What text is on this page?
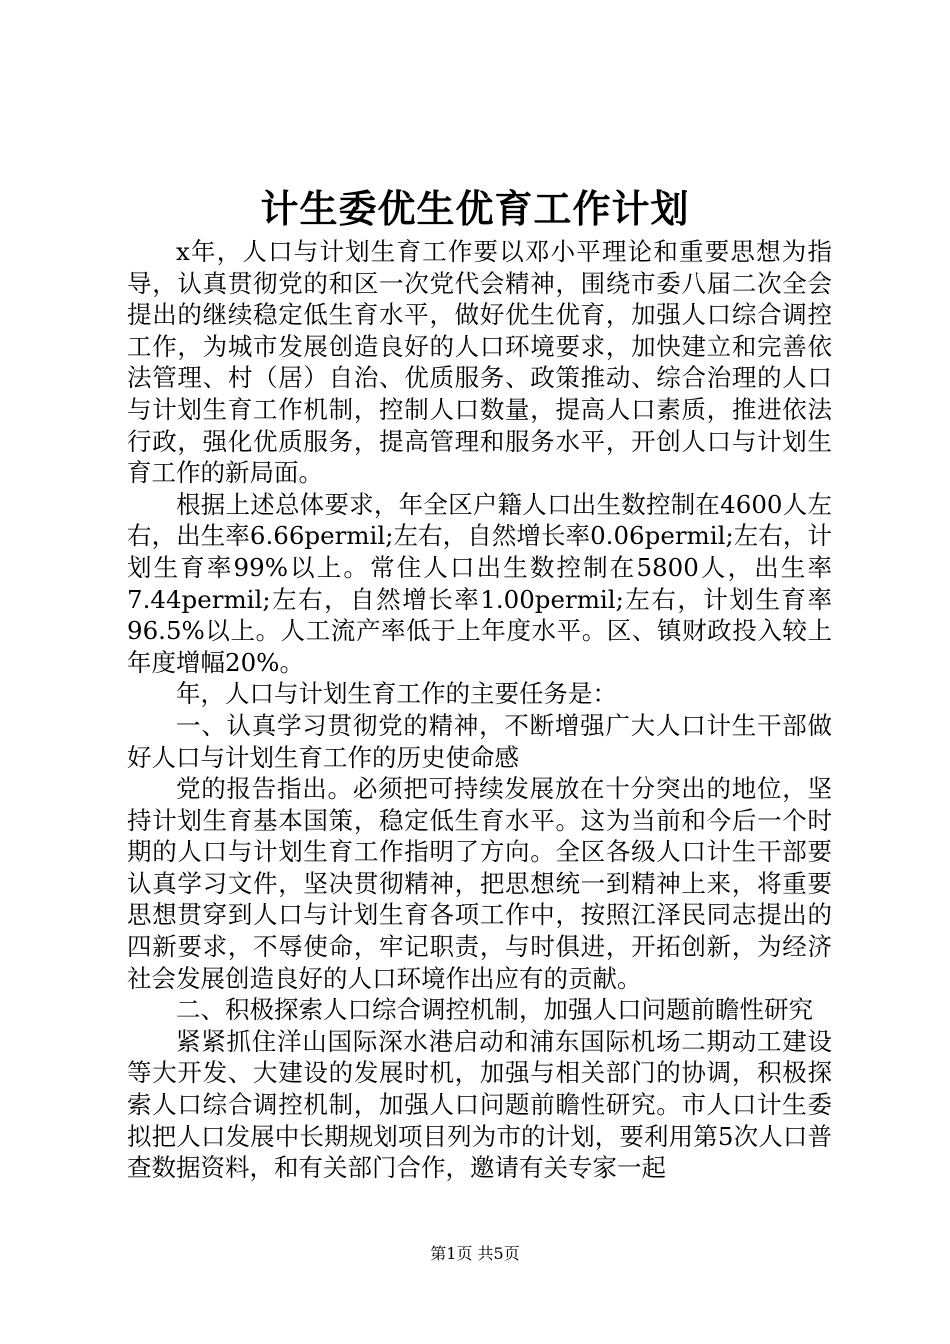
计生委优生优育工作计划

x年，人口与计划生育工作要以邓小平理论和重要思想为指导，认真贯彻党的和区一次党代会精神，围绕市委八届二次全会提出的继续稳定低生育水平，做好优生优育，加强人口综合调控工作，为城市发展创造良好的人口环境要求，加快建立和完善依法管理、村（居）自治、优质服务、政策推动、综合治理的人口与计划生育工作机制，控制人口数量，提高人口素质，推进依法行政，强化优质服务，提高管理和服务水平，开创人口与计划生育工作的新局面。

根据上述总体要求，年全区户籍人口出生数控制在4600人左右，出生率6.66permil;左右，自然增长率0.06permil;左右，计划生育率99%以上。常住人口出生数控制在5800人，出生率7.44permil;左右，自然增长率1.00permil;左右，计划生育率96.5%以上。人工流产率低于上年度水平。区、镇财政投入较上年度增幅20%。

年，人口与计划生育工作的主要任务是：

一、认真学习贯彻党的精神，不断增强广大人口计生干部做好人口与计划生育工作的历史使命感

党的报告指出。必须把可持续发展放在十分突出的地位，坚持计划生育基本国策，稳定低生育水平。这为当前和今后一个时期的人口与计划生育工作指明了方向。全区各级人口计生干部要认真学习文件，坚决贯彻精神，把思想统一到精神上来，将重要思想贯穿到人口与计划生育各项工作中，按照江泽民同志提出的四新要求，不辱使命，牢记职责，与时俱进，开拓创新，为经济社会发展创造良好的人口环境作出应有的贡献。

二、积极探索人口综合调控机制，加强人口问题前瞻性研究

紧紧抓住洋山国际深水港启动和浦东国际机场二期动工建设等大开发、大建设的发展时机，加强与相关部门的协调，积极探索人口综合调控机制，加强人口问题前瞻性研究。市人口计生委拟把人口发展中长期规划项目列为市的计划，要利用第5次人口普查数据资料，和有关部门合作，邀请有关专家一起

第1页 共5页
